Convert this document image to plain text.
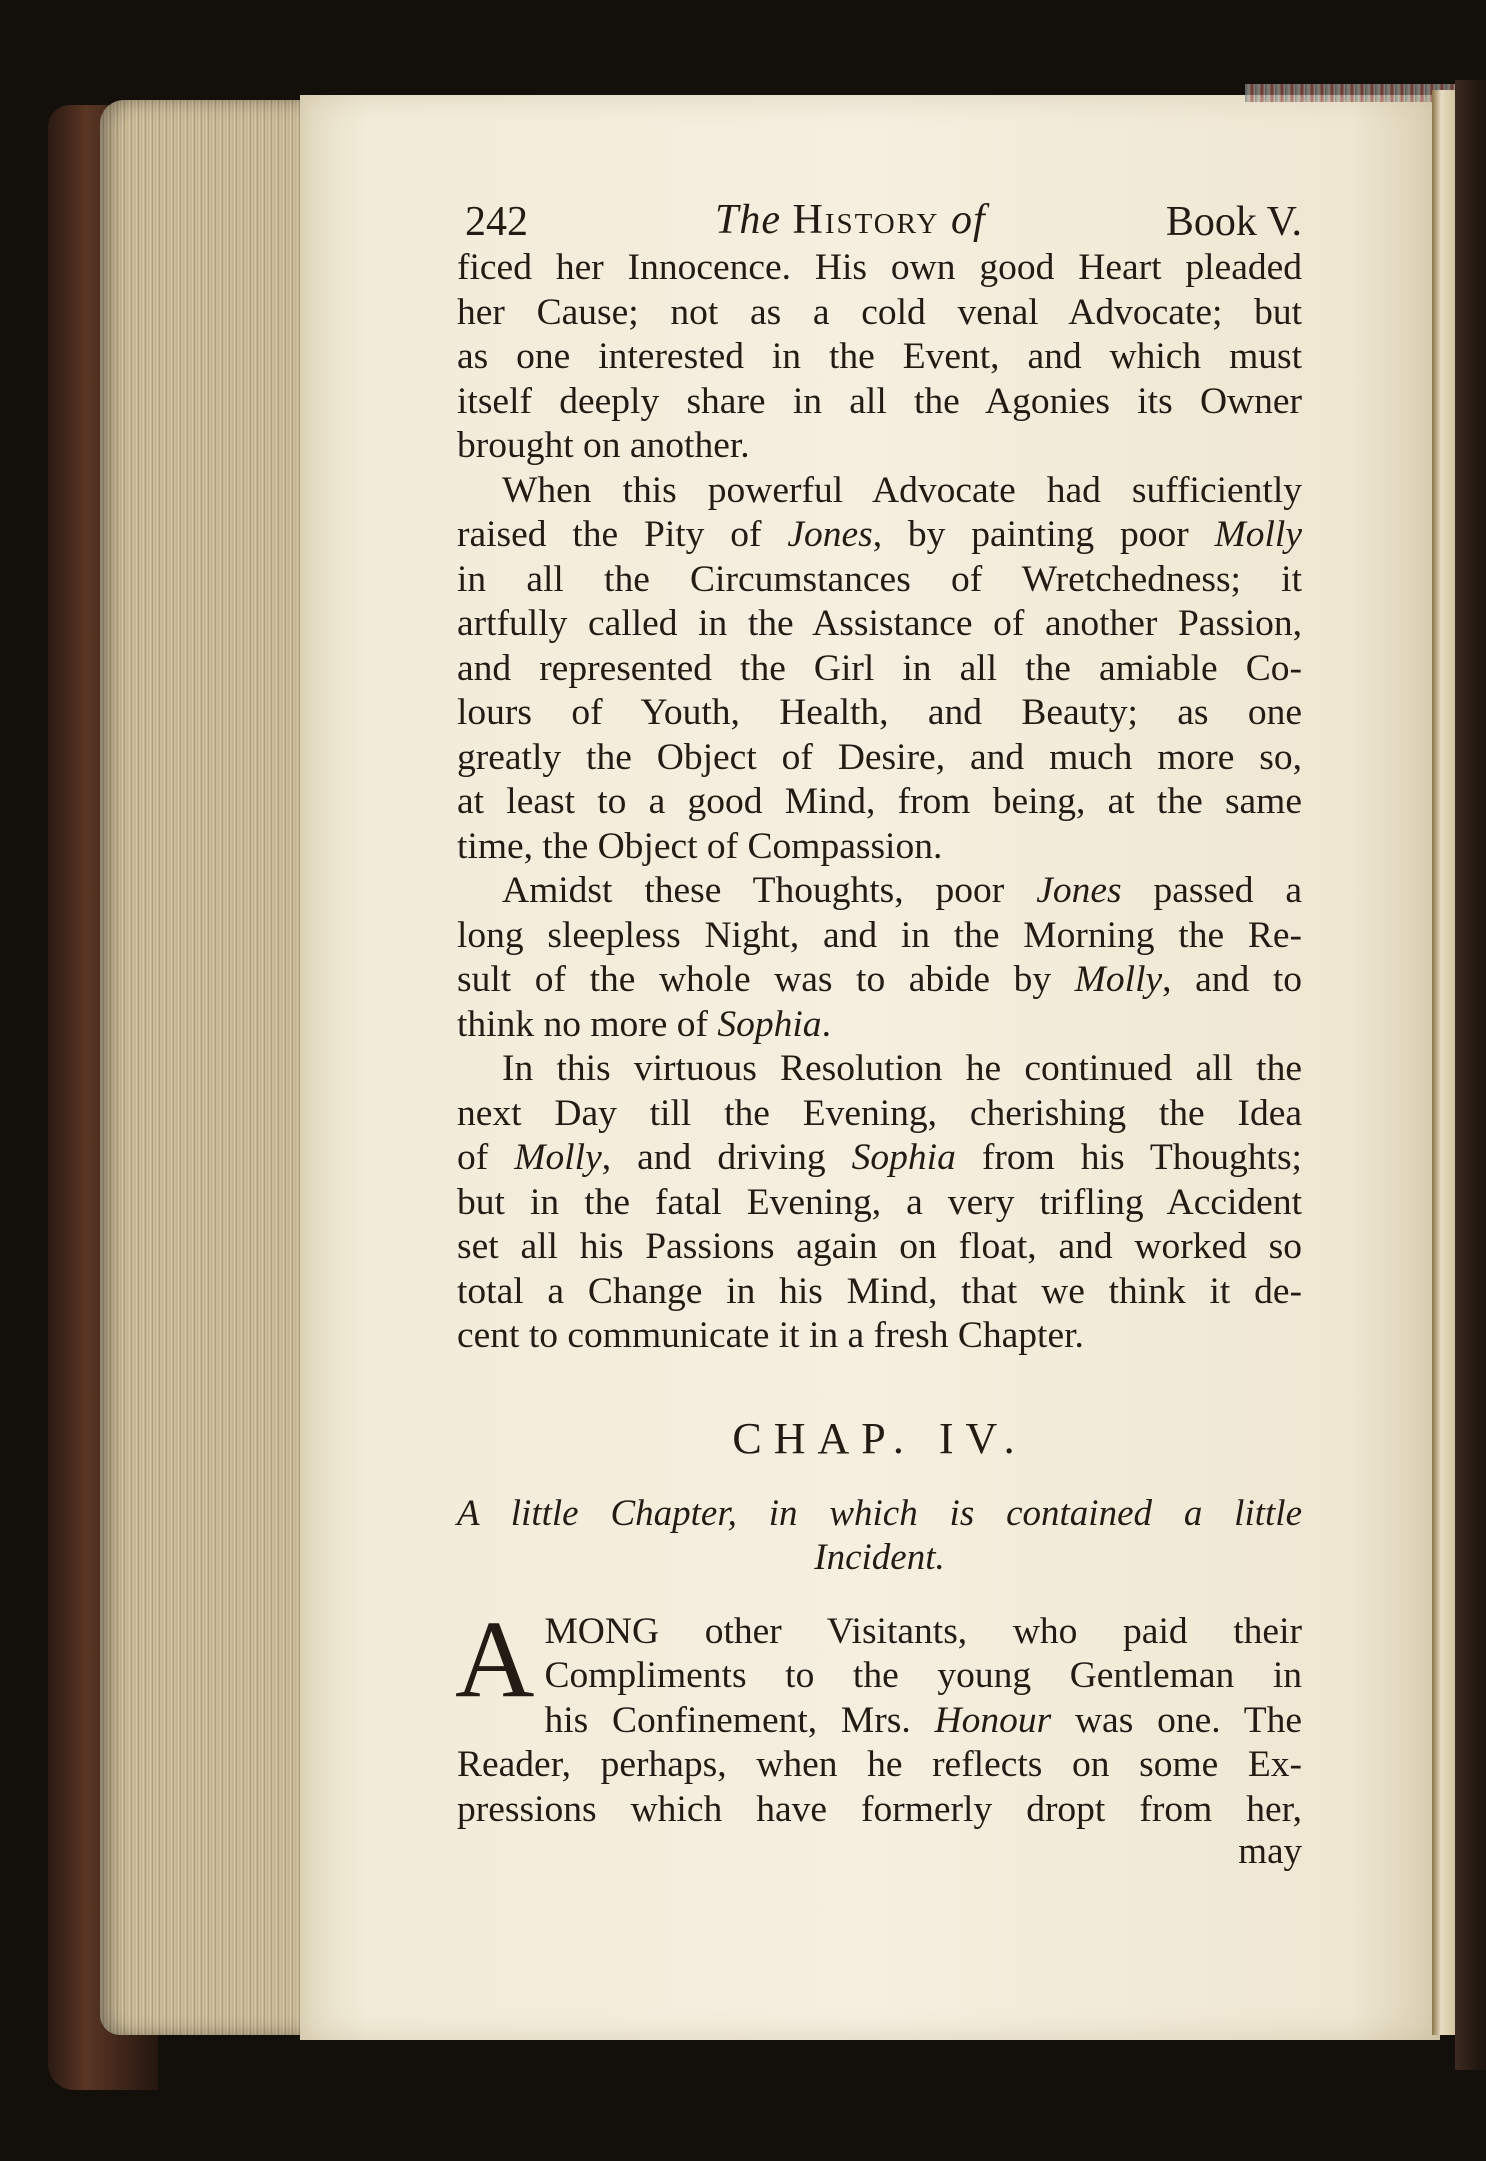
242	The History of	Book V.

ficed her Innocence. His own good Heart pleaded
her Cause; not as a cold venal Advocate; but
as one interested in the Event, and which must
itself deeply share in all the Agonies its Owner
brought on another.

When this powerful Advocate had sufficiently
raised the Pity of Jones, by painting poor Molly
in all the Circumstances of Wretchedness; it
artfully called in the Assistance of another Passion,
and represented the Girl in all the amiable Co-
lours of Youth, Health, and Beauty; as one
greatly the Object of Desire, and much more so,
at least to a good Mind, from being, at the same
time, the Object of Compassion.

Amidst these Thoughts, poor Jones passed a
long sleepless Night, and in the Morning the Re-
sult of the whole was to abide by Molly, and to
think no more of Sophia.

In this virtuous Resolution he continued all the
next Day till the Evening, cherishing the Idea
of Molly, and driving Sophia from his Thoughts;
but in the fatal Evening, a very trifling Accident
set all his Passions again on float, and worked so
total a Change in his Mind, that we think it de-
cent to communicate it in a fresh Chapter.

CHAP. IV.
A little Chapter, in which is contained a little
Incident.

A MONG other Visitants, who paid their
Compliments to the young Gentleman in
his Confinement, Mrs. Honour was one. The
Reader, perhaps, when he reflects on some Ex-
pressions which have formerly dropt from her,

may
